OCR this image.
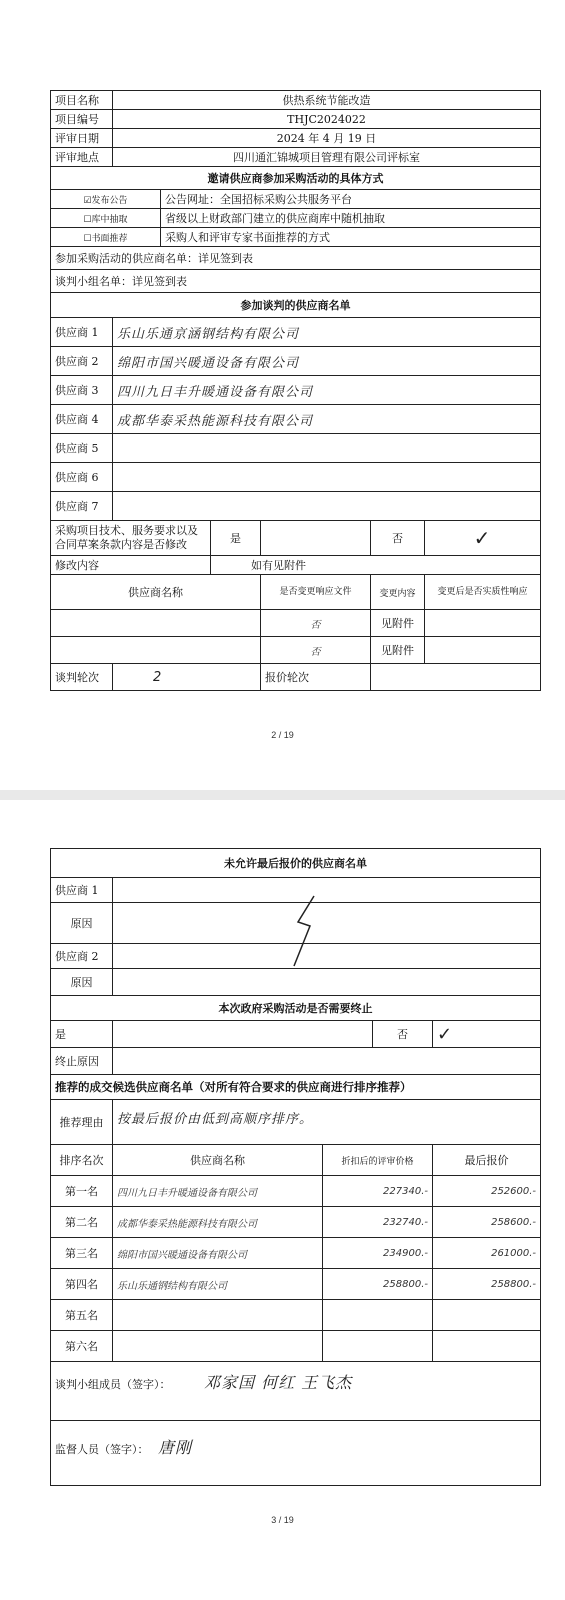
项目名称	供热系统节能改造					
项目编号	THJC2024022					
评审日期	2024 年 4 月 19 日					
评审地点	四川通汇锦城项目管理有限公司评标室					
邀请供应商参加采购活动的具体方式						
☑发布公告		公告网址：全国招标采购公共服务平台				
☐库中抽取		省级以上财政部门建立的供应商库中随机抽取				
☐书面推荐		采购人和评审专家书面推荐的方式				
参加采购活动的供应商名单：详见签到表						
谈判小组名单：详见签到表						
参加谈判的供应商名单						
供应商 1	乐山乐通京涵钢结构有限公司					
供应商 2	绵阳市国兴暖通设备有限公司					
供应商 3	四川九日丰升暖通设备有限公司					
供应商 4	成都华泰采热能源科技有限公司					
供应商 5						
供应商 6						
供应商 7						
采购项目技术、服务要求以及合同草案条款内容是否修改			是		否	✓
修改内容			如有见附件			
供应商名称				是否变更响应文件	变更内容	变更后是否实质性响应
				否	见附件	
				否	见附件	
谈判轮次	2			报价轮次		
2 / 19
未允许最后报价的供应商名单				
供应商 1				
原因				
供应商 2				
原因				
本次政府采购活动是否需要终止				
是			否	✓
终止原因				
推荐的成交候选供应商名单（对所有符合要求的供应商进行排序推荐）				
推荐理由	按最后报价由低到高顺序排序。			
排序名次	供应商名称	折扣后的评审价格		最后报价
第一名	四川九日丰升暖通设备有限公司	227340.-		252600.-
第二名	成都华泰采热能源科技有限公司	232740.-		258600.-
第三名	绵阳市国兴暖通设备有限公司	234900.-		261000.-
第四名	乐山乐通钢结构有限公司	258800.-		258800.-
第五名				
第六名				
谈判小组成员（签字）： 邓家国 何红 王飞杰				
监督人员（签字）： 唐刚				
3 / 19
